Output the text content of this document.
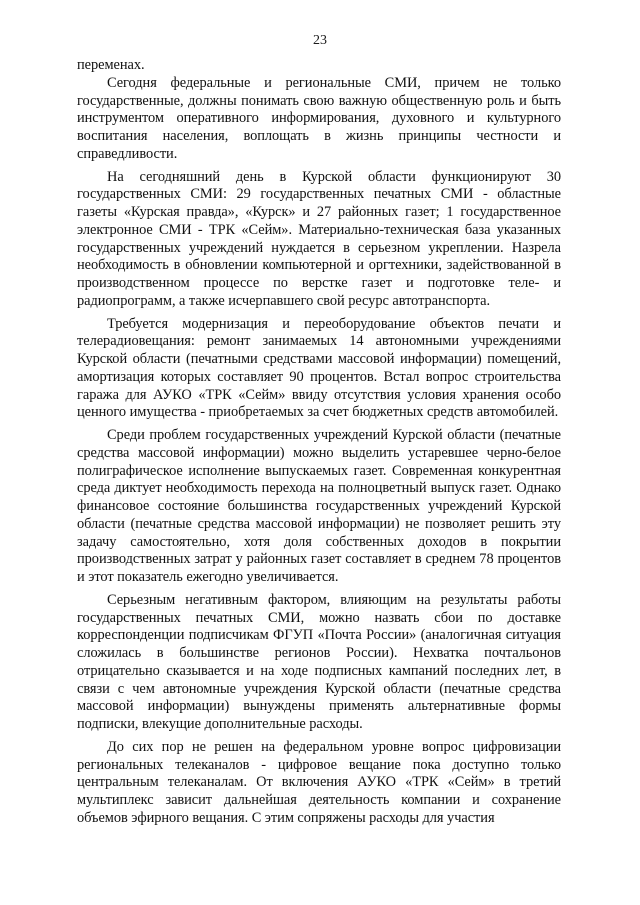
23

переменах.

Сегодня федеральные и региональные СМИ, причем не только государственные, должны понимать свою важную общественную роль и быть инструментом оперативного информирования, духовного и культурного воспитания населения, воплощать в жизнь принципы честности и справедливости.

На сегодняшний день в Курской области функционируют 30 государственных СМИ: 29 государственных печатных СМИ - областные газеты «Курская правда», «Курск» и 27 районных газет; 1 государственное электронное СМИ - ТРК «Сейм». Материально-техническая база указанных государственных учреждений нуждается в серьезном укреплении. Назрела необходимость в обновлении компьютерной и оргтехники, задействованной в производственном процессе по верстке газет и подготовке теле- и радиопрограмм, а также исчерпавшего свой ресурс автотранспорта.

Требуется модернизация и переоборудование объектов печати и телерадиовещания: ремонт занимаемых 14 автономными учреждениями Курской области (печатными средствами массовой информации) помещений, амортизация которых составляет 90 процентов. Встал вопрос строительства гаража для АУКО «ТРК «Сейм» ввиду отсутствия условия хранения особо ценного имущества - приобретаемых за счет бюджетных средств автомобилей.

Среди проблем государственных учреждений Курской области (печатные средства массовой информации) можно выделить устаревшее черно-белое полиграфическое исполнение выпускаемых газет. Современная конкурентная среда диктует необходимость перехода на полноцветный выпуск газет. Однако финансовое состояние большинства государственных учреждений Курской области (печатные средства массовой информации) не позволяет решить эту задачу самостоятельно, хотя доля собственных доходов в покрытии производственных затрат у районных газет составляет в среднем 78 процентов и этот показатель ежегодно увеличивается.

Серьезным негативным фактором, влияющим на результаты работы государственных печатных СМИ, можно назвать сбои по доставке корреспонденции подписчикам ФГУП «Почта России» (аналогичная ситуация сложилась в большинстве регионов России). Нехватка почтальонов отрицательно сказывается и на ходе подписных кампаний последних лет, в связи с чем автономные учреждения Курской области (печатные средства массовой информации) вынуждены применять альтернативные формы подписки, влекущие дополнительные расходы.

До сих пор не решен на федеральном уровне вопрос цифровизации региональных телеканалов - цифровое вещание пока доступно только центральным телеканалам. От включения АУКО «ТРК «Сейм» в третий мультиплекс зависит дальнейшая деятельность компании и сохранение объемов эфирного вещания. С этим сопряжены расходы для участия
